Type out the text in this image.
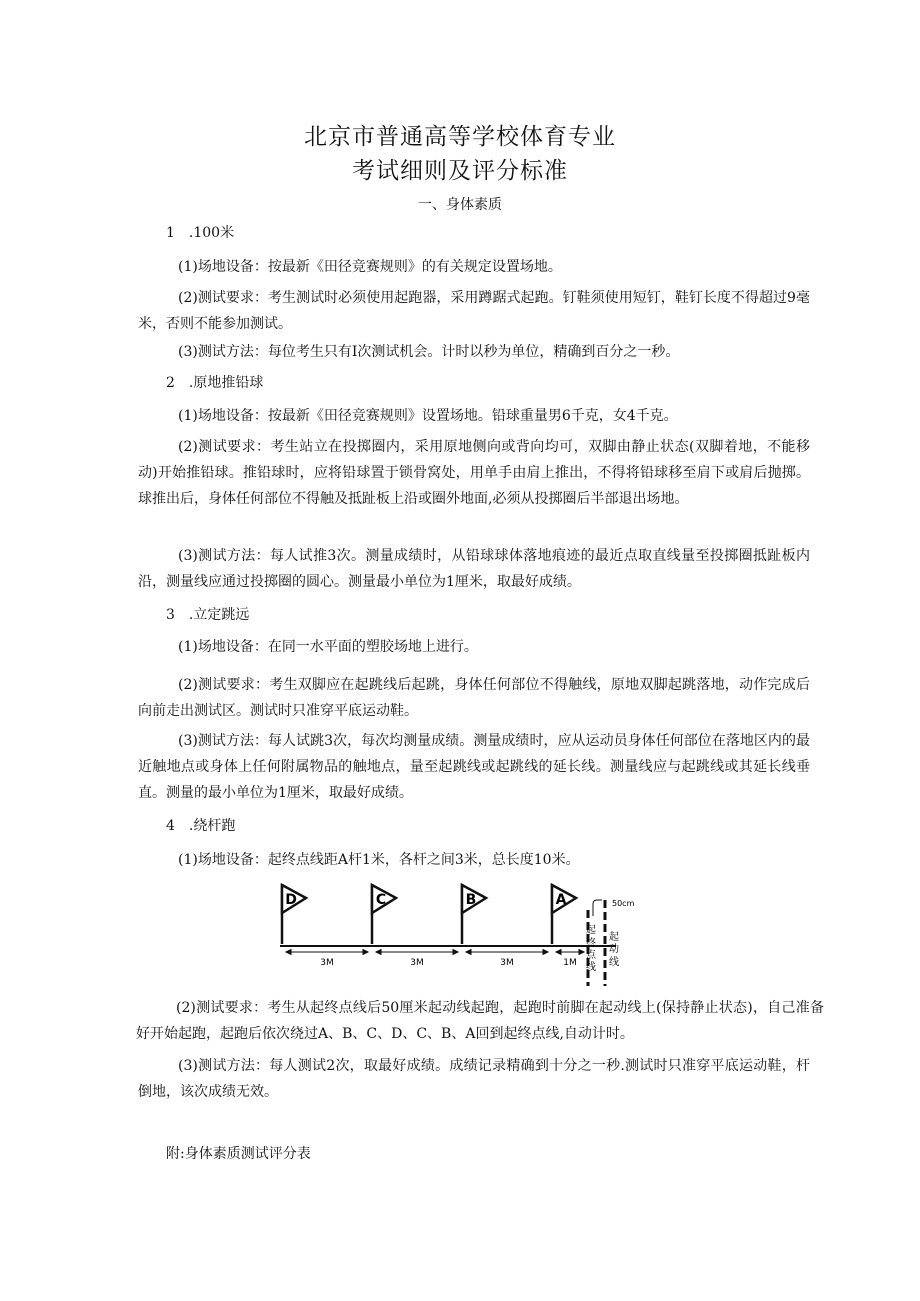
北京市普通高等学校体育专业
考试细则及评分标准
一、身体素质
1　.100米
(1)场地设备：按最新《田径竞赛规则》的有关规定设置场地。
(2)测试要求：考生测试时必须使用起跑器，采用蹲踞式起跑。钉鞋须使用短钉，鞋钉长度不得超过9毫米，否则不能参加测试。
(3)测试方法：每位考生只有I次测试机会。计时以秒为单位，精确到百分之一秒。
2　.原地推铅球
(1)场地设备：按最新《田径竞赛规则》设置场地。铅球重量男6千克，女4千克。
(2)测试要求：考生站立在投掷圈内，采用原地侧向或背向均可，双脚由静止状态(双脚着地，不能移动)开始推铅球。推铅球时，应将铅球置于锁骨窝处，用单手由肩上推出，不得将铅球移至肩下或肩后抛掷。球推出后，身体任何部位不得触及抵趾板上沿或圈外地面,必须从投掷圈后半部退出场地。
(3)测试方法：每人试推3次。测量成绩时，从铅球球体落地痕迹的最近点取直线量至投掷圈抵趾板内沿，测量线应通过投掷圈的圆心。测量最小单位为1厘米，取最好成绩。
3　.立定跳远
(1)场地设备：在同一水平面的塑胶场地上进行。
(2)测试要求：考生双脚应在起跳线后起跳，身体任何部位不得触线，原地双脚起跳落地，动作完成后向前走出测试区。测试时只准穿平底运动鞋。
(3)测试方法：每人试跳3次，每次均测量成绩。测量成绩时，应从运动员身体任何部位在落地区内的最近触地点或身体上任何附属物品的触地点，量至起跳线或起跳线的延长线。测量线应与起跳线或其延长线垂直。测量的最小单位为1厘米，取最好成绩。
4　.绕杆跑
(1)场地设备：起终点线距A杆1米，各杆之间3米，总长度10米。
D	C	B	A
3M	3M	3M	1M
50cm
起
终
点
线
起
动
线
(2)测试要求：考生从起终点线后50厘米起动线起跑，起跑时前脚在起动线上(保持静止状态)，自己准备好开始起跑，起跑后依次绕过A、B、C、D、C、B、A回到起终点线,自动计时。
(3)测试方法：每人测试2次，取最好成绩。成绩记录精确到十分之一秒.测试时只准穿平底运动鞋，杆倒地，该次成绩无效。
附:身体素质测试评分表
